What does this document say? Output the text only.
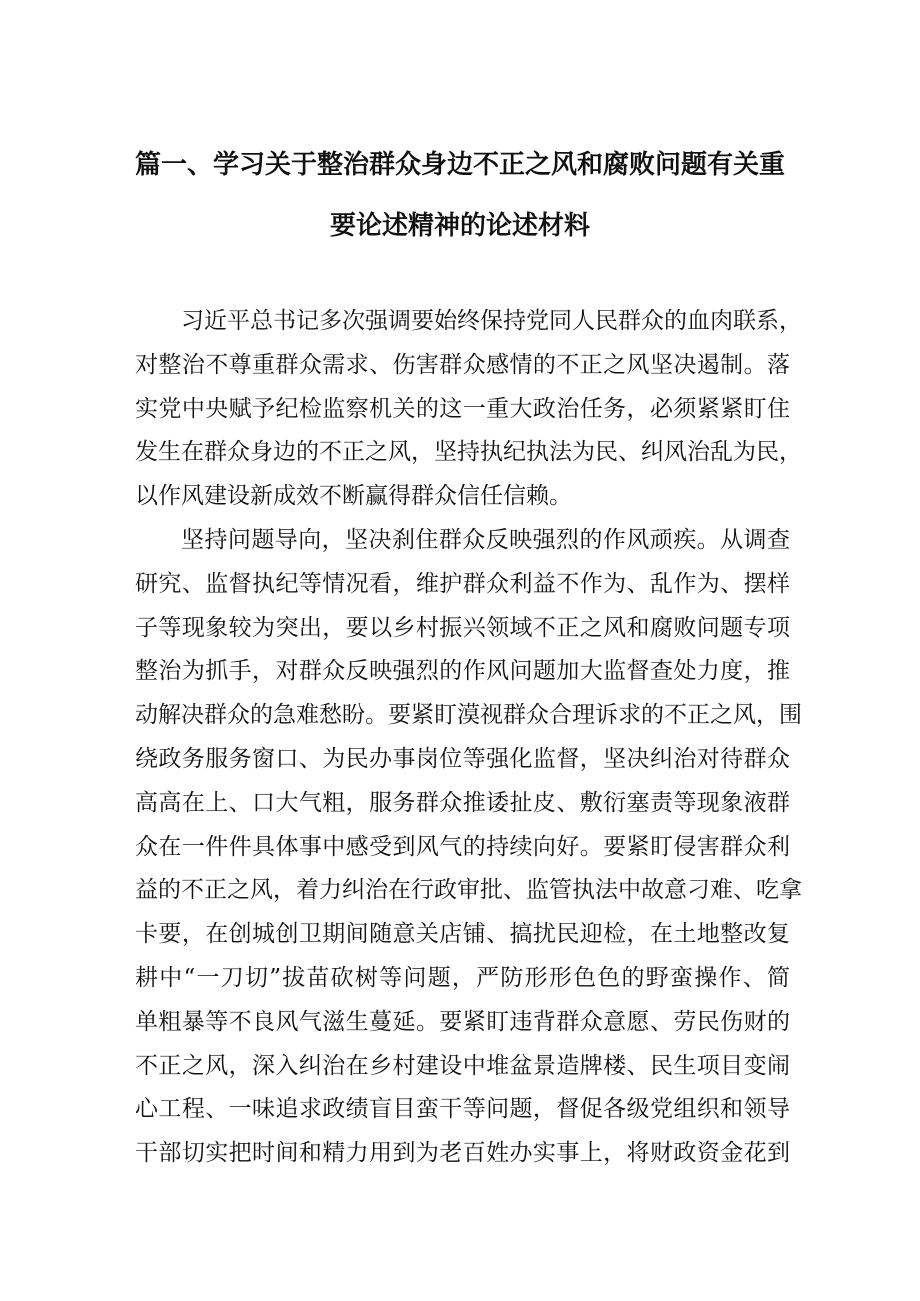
篇一、学习关于整治群众身边不正之风和腐败问题有关重
要论述精神的论述材料
习近平总书记多次强调要始终保持党同人民群众的血肉联系，
对整治不尊重群众需求、伤害群众感情的不正之风坚决遏制。落
实党中央赋予纪检监察机关的这一重大政治任务，必须紧紧盯住
发生在群众身边的不正之风，坚持执纪执法为民、纠风治乱为民，
以作风建设新成效不断赢得群众信任信赖。
坚持问题导向，坚决刹住群众反映强烈的作风顽疾。从调查
研究、监督执纪等情况看，维护群众利益不作为、乱作为、摆样
子等现象较为突出，要以乡村振兴领域不正之风和腐败问题专项
整治为抓手，对群众反映强烈的作风问题加大监督查处力度，推
动解决群众的急难愁盼。要紧盯漠视群众合理诉求的不正之风，围
绕政务服务窗口、为民办事岗位等强化监督，坚决纠治对待群众
高高在上、口大气粗，服务群众推诿扯皮、敷衍塞责等现象液群
众在一件件具体事中感受到风气的持续向好。要紧盯侵害群众利
益的不正之风，着力纠治在行政审批、监管执法中故意刁难、吃拿
卡要，在创城创卫期间随意关店铺、搞扰民迎检，在土地整改复
耕中“一刀切”拔苗砍树等问题，严防形形色色的野蛮操作、简
单粗暴等不良风气滋生蔓延。要紧盯违背群众意愿、劳民伤财的
不正之风，深入纠治在乡村建设中堆盆景造牌楼、民生项目变闹
心工程、一味追求政绩盲目蛮干等问题，督促各级党组织和领导
干部切实把时间和精力用到为老百姓办实事上，将财政资金花到
